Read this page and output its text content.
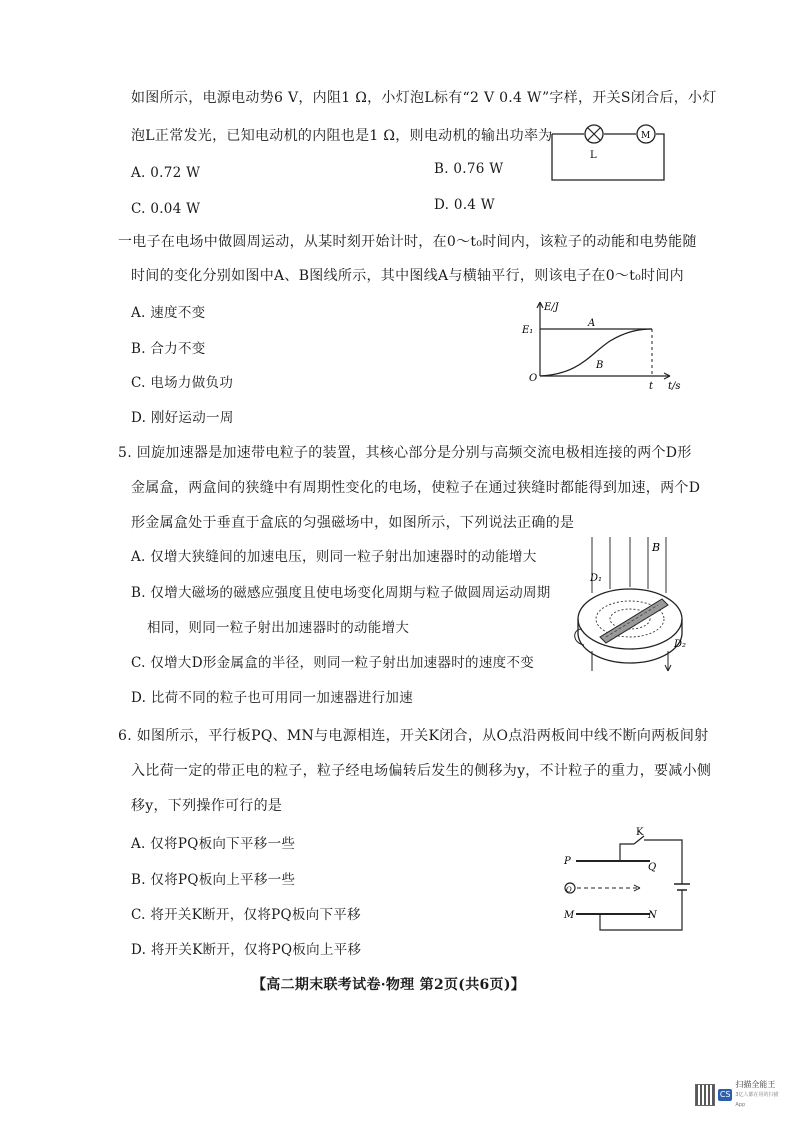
如图所示，电源电动势6 V，内阻1 Ω，小灯泡L标有“2 V 0.4 W”字样，开关S闭合后，小灯
泡L正常发光，已知电动机的内阻也是1 Ω，则电动机的输出功率为
A. 0.72 W	B. 0.76 W
C. 0.04 W	D. 0.4 W
L
M
一电子在电场中做圆周运动，从某时刻开始计时，在0～t₀时间内，该粒子的动能和电势能随
时间的变化分别如图中A、B图线所示，其中图线A与横轴平行，则该电子在0～t₀时间内
A. 速度不变
B. 合力不变
C. 电场力做负功
D. 刚好运动一周
E/J
E₁
A
B
O
t t/s
5. 回旋加速器是加速带电粒子的装置，其核心部分是分别与高频交流电极相连接的两个D形
金属盒，两盒间的狭缝中有周期性变化的电场，使粒子在通过狭缝时都能得到加速，两个D
形金属盒处于垂直于盒底的匀强磁场中，如图所示，下列说法正确的是
A. 仅增大狭缝间的加速电压，则同一粒子射出加速器时的动能增大
B. 仅增大磁场的磁感应强度且使电场变化周期与粒子做圆周运动周期
相同，则同一粒子射出加速器时的动能增大
C. 仅增大D形金属盒的半径，则同一粒子射出加速器时的速度不变
D. 比荷不同的粒子也可用同一加速器进行加速
B
D₁
D₂
6. 如图所示，平行板PQ、MN与电源相连，开关K闭合，从O点沿两板间中线不断向两板间射
入比荷一定的带正电的粒子，粒子经电场偏转后发生的侧移为y，不计粒子的重力，要减小侧
移y，下列操作可行的是
A. 仅将PQ板向下平移一些
B. 仅将PQ板向上平移一些
C. 将开关K断开，仅将PQ板向下平移
D. 将开关K断开，仅将PQ板向上平移
K
P
Q
O
M	N
【高二期末联考试卷·物理 第2页(共6页)】
CS
扫描全能王
3亿人都在用的扫描App
